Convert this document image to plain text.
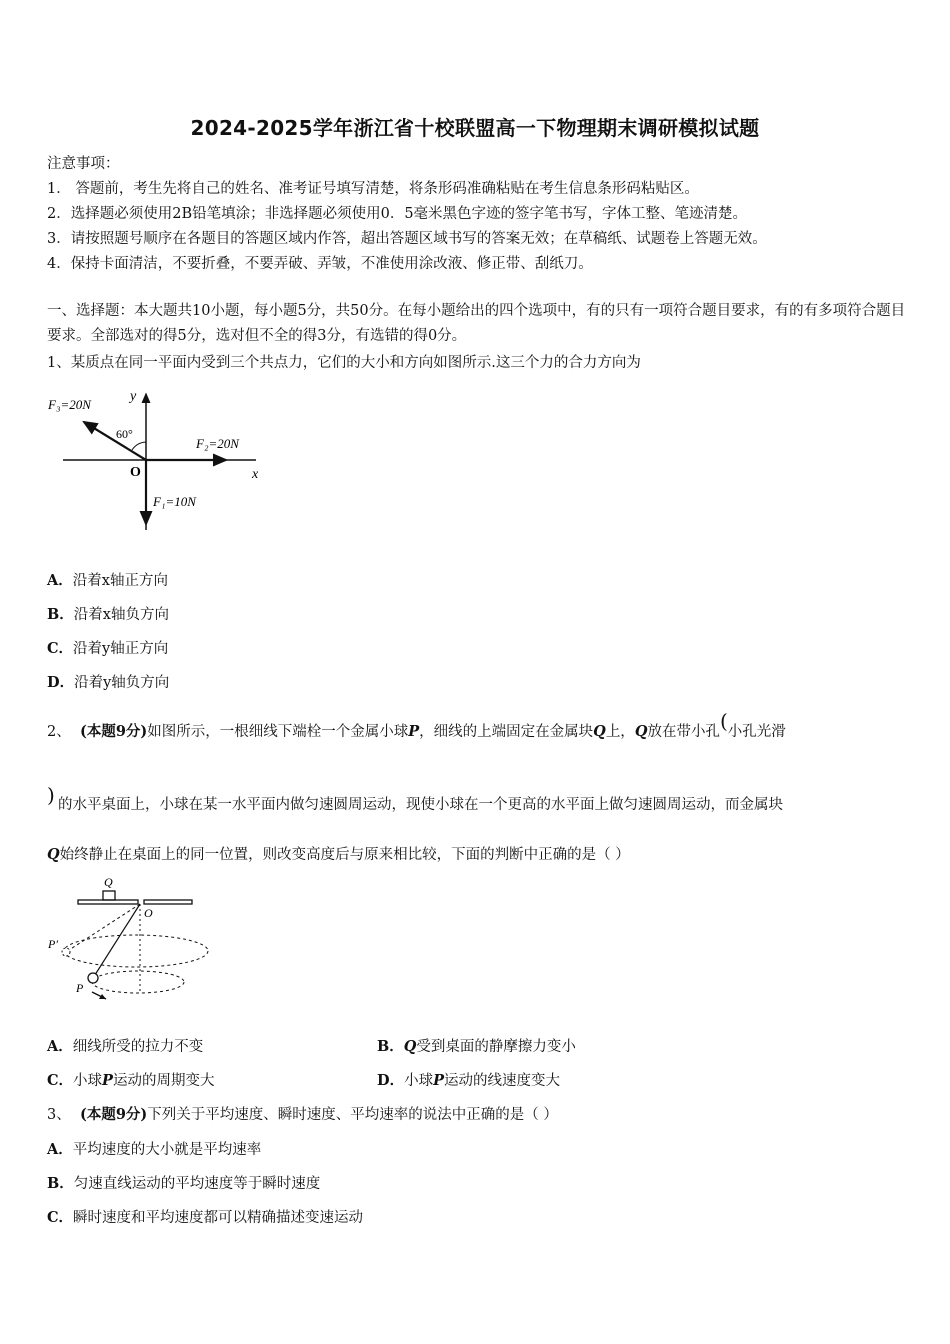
2024-2025学年浙江省十校联盟高一下物理期末调研模拟试题
注意事项：
1． 答题前，考生先将自己的姓名、准考证号填写清楚，将条形码准确粘贴在考生信息条形码粘贴区。
2．选择题必须使用2B铅笔填涂；非选择题必须使用0．5毫米黑色字迹的签字笔书写，字体工整、笔迹清楚。
3．请按照题号顺序在各题目的答题区域内作答，超出答题区域书写的答案无效；在草稿纸、试题卷上答题无效。
4．保持卡面清洁，不要折叠，不要弄破、弄皱，不准使用涂改液、修正带、刮纸刀。
一、选择题：本大题共10小题，每小题5分，共50分。在每小题给出的四个选项中，有的只有一项符合题目要求，有的有多项符合题目要求。全部选对的得5分，选对但不全的得3分，有选错的得0分。
1、某质点在同一平面内受到三个共点力，它们的大小和方向如图所示.这三个力的合力方向为
F₃=20N
y
60°
F₂=20N
O	x
F₁=10N
A．沿着x轴正方向
B．沿着x轴负方向
C．沿着y轴正方向
D．沿着y轴负方向
2、 (本题9分)如图所示，一根细线下端栓一个金属小球P，细线的上端固定在金属块Q上，Q放在带小孔(小孔光滑
) 的水平桌面上，小球在某一水平面内做匀速圆周运动，现使小球在一个更高的水平面上做匀速圆周运动，而金属块
Q始终静止在桌面上的同一位置，则改变高度后与原来相比较，下面的判断中正确的是（ ）
Q
O
P′
P
A．细线所受的拉力不变	B．Q受到桌面的静摩擦力变小
C．小球P运动的周期变大	D．小球P运动的线速度变大
3、 (本题9分)下列关于平均速度、瞬时速度、平均速率的说法中正确的是（ ）
A．平均速度的大小就是平均速率
B．匀速直线运动的平均速度等于瞬时速度
C．瞬时速度和平均速度都可以精确描述变速运动
